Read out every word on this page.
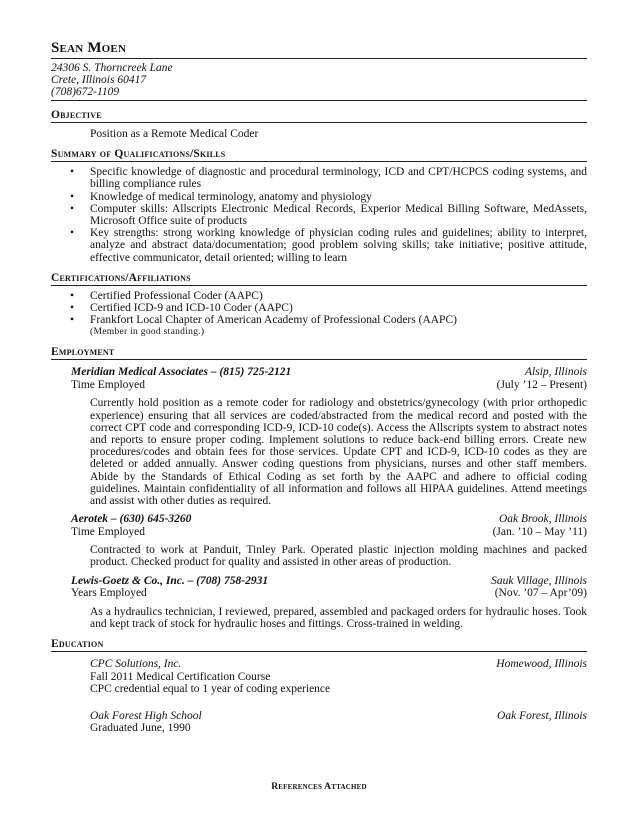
Sean Moen
24306 S. Thorncreek Lane
Crete, Illinois 60417
(708)672-1109
Objective
Position as a Remote Medical Coder
Summary of Qualifications/Skills
• Specific knowledge of diagnostic and procedural terminology, ICD and CPT/HCPCS coding systems, and billing compliance rules
• Knowledge of medical terminology, anatomy and physiology
• Computer skills: Allscripts Electronic Medical Records, Experior Medical Billing Software, MedAssets, Microsoft Office suite of products
• Key strengths: strong working knowledge of physician coding rules and guidelines; ability to interpret, analyze and abstract data/documentation; good problem solving skills; take initiative; positive attitude, effective communicator, detail oriented; willing to learn
Certifications/Affiliations
• Certified Professional Coder (AAPC)
• Certified ICD-9 and ICD-10 Coder (AAPC)
• Frankfort Local Chapter of American Academy of Professional Coders (AAPC)
(Member in good standing.)
Employment
Meridian Medical Associates – (815) 725-2121	Alsip, Illinois
Time Employed	(July ’12 – Present)
Currently hold position as a remote coder for radiology and obstetrics/gynecology (with prior orthopedic experience) ensuring that all services are coded/abstracted from the medical record and posted with the correct CPT code and corresponding ICD-9, ICD-10 code(s). Access the Allscripts system to abstract notes and reports to ensure proper coding. Implement solutions to reduce back-end billing errors. Create new procedures/codes and obtain fees for those services. Update CPT and ICD-9, ICD-10 codes as they are deleted or added annually. Answer coding questions from physicians, nurses and other staff members. Abide by the Standards of Ethical Coding as set forth by the AAPC and adhere to official coding guidelines. Maintain confidentiality of all information and follows all HIPAA guidelines. Attend meetings and assist with other duties as required.
Aerotek – (630) 645-3260	Oak Brook, Illinois
Time Employed	(Jan. ’10 – May ’11)
Contracted to work at Panduit, Tinley Park. Operated plastic injection molding machines and packed product. Checked product for quality and assisted in other areas of production.
Lewis-Goetz & Co., Inc. – (708) 758-2931	Sauk Village, Illinois
Years Employed	(Nov. ’07 – Apr’09)
As a hydraulics technician, I reviewed, prepared, assembled and packaged orders for hydraulic hoses. Took and kept track of stock for hydraulic hoses and fittings. Cross-trained in welding.
Education
CPC Solutions, Inc.	Homewood, Illinois
Fall 2011 Medical Certification Course
CPC credential equal to 1 year of coding experience
Oak Forest High School	Oak Forest, Illinois
Graduated June, 1990
References Attached
